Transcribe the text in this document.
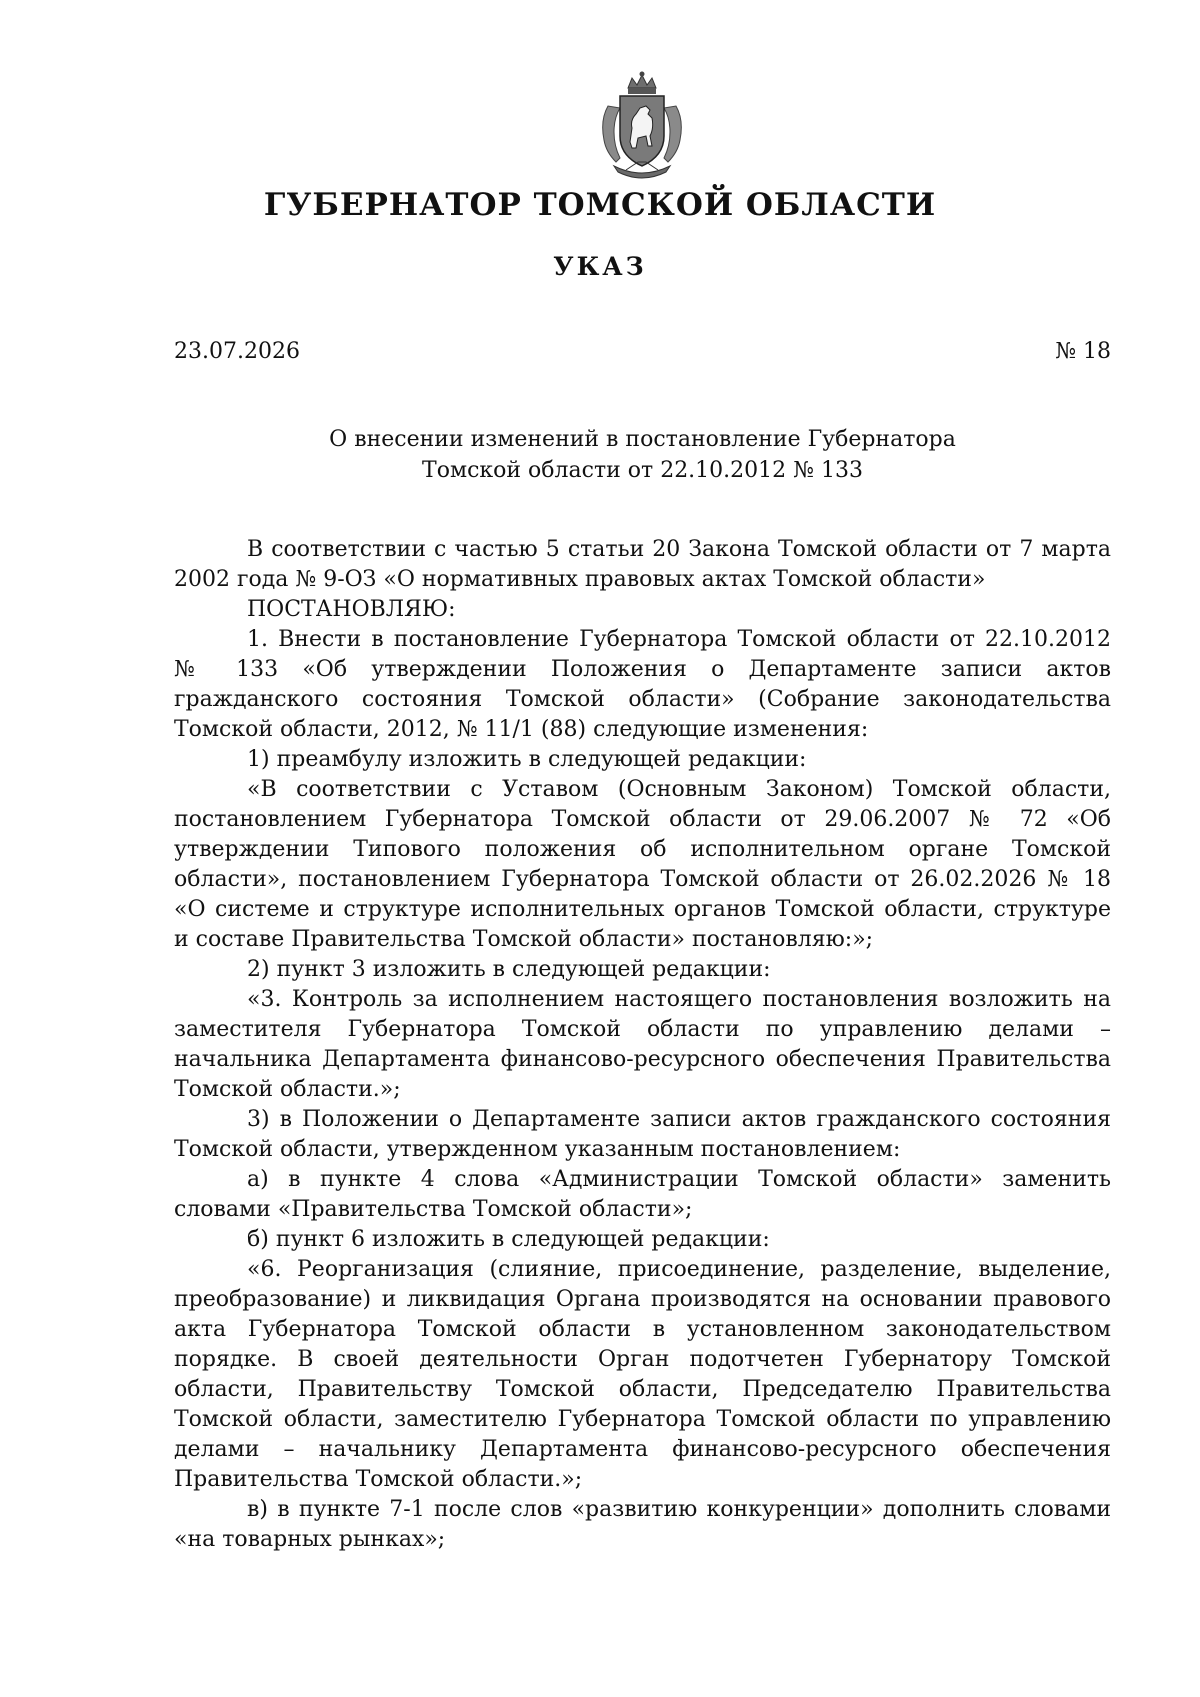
ГУБЕРНАТОР ТОМСКОЙ ОБЛАСТИ
УКАЗ
23.07.2026	№ 18
О внесении изменений в постановление Губернатора
Томской области от 22.10.2012 № 133

В соответствии с частью 5 статьи 20 Закона Томской области от 7 марта 2002 года № 9-ОЗ «О нормативных правовых актах Томской области»

ПОСТАНОВЛЯЮ:

1. Внести в постановление Губернатора Томской области от 22.10.2012 № 133 «Об утверждении Положения о Департаменте записи актов гражданского состояния Томской области» (Собрание законодательства Томской области, 2012, № 11/1 (88) следующие изменения:

1) преамбулу изложить в следующей редакции:

«В соответствии с Уставом (Основным Законом) Томской области, постановлением Губернатора Томской области от 29.06.2007 № 72 «Об утверждении Типового положения об исполнительном органе Томской области», постановлением Губернатора Томской области от 26.02.2026 № 18 «О системе и структуре исполнительных органов Томской области, структуре и составе Правительства Томской области» постановляю:»;

2) пункт 3 изложить в следующей редакции:

«3. Контроль за исполнением настоящего постановления возложить на заместителя Губернатора Томской области по управлению делами – начальника Департамента финансово-ресурсного обеспечения Правительства Томской области.»;

3) в Положении о Департаменте записи актов гражданского состояния Томской области, утвержденном указанным постановлением:

а) в пункте 4 слова «Администрации Томской области» заменить словами «Правительства Томской области»;

б) пункт 6 изложить в следующей редакции:

«6. Реорганизация (слияние, присоединение, разделение, выделение, преобразование) и ликвидация Органа производятся на основании правового акта Губернатора Томской области в установленном законодательством порядке. В своей деятельности Орган подотчетен Губернатору Томской области, Правительству Томской области, Председателю Правительства Томской области, заместителю Губернатора Томской области по управлению делами – начальнику Департамента финансово-ресурсного обеспечения Правительства Томской области.»;

в) в пункте 7-1 после слов «развитию конкуренции» дополнить словами «на товарных рынках»;
